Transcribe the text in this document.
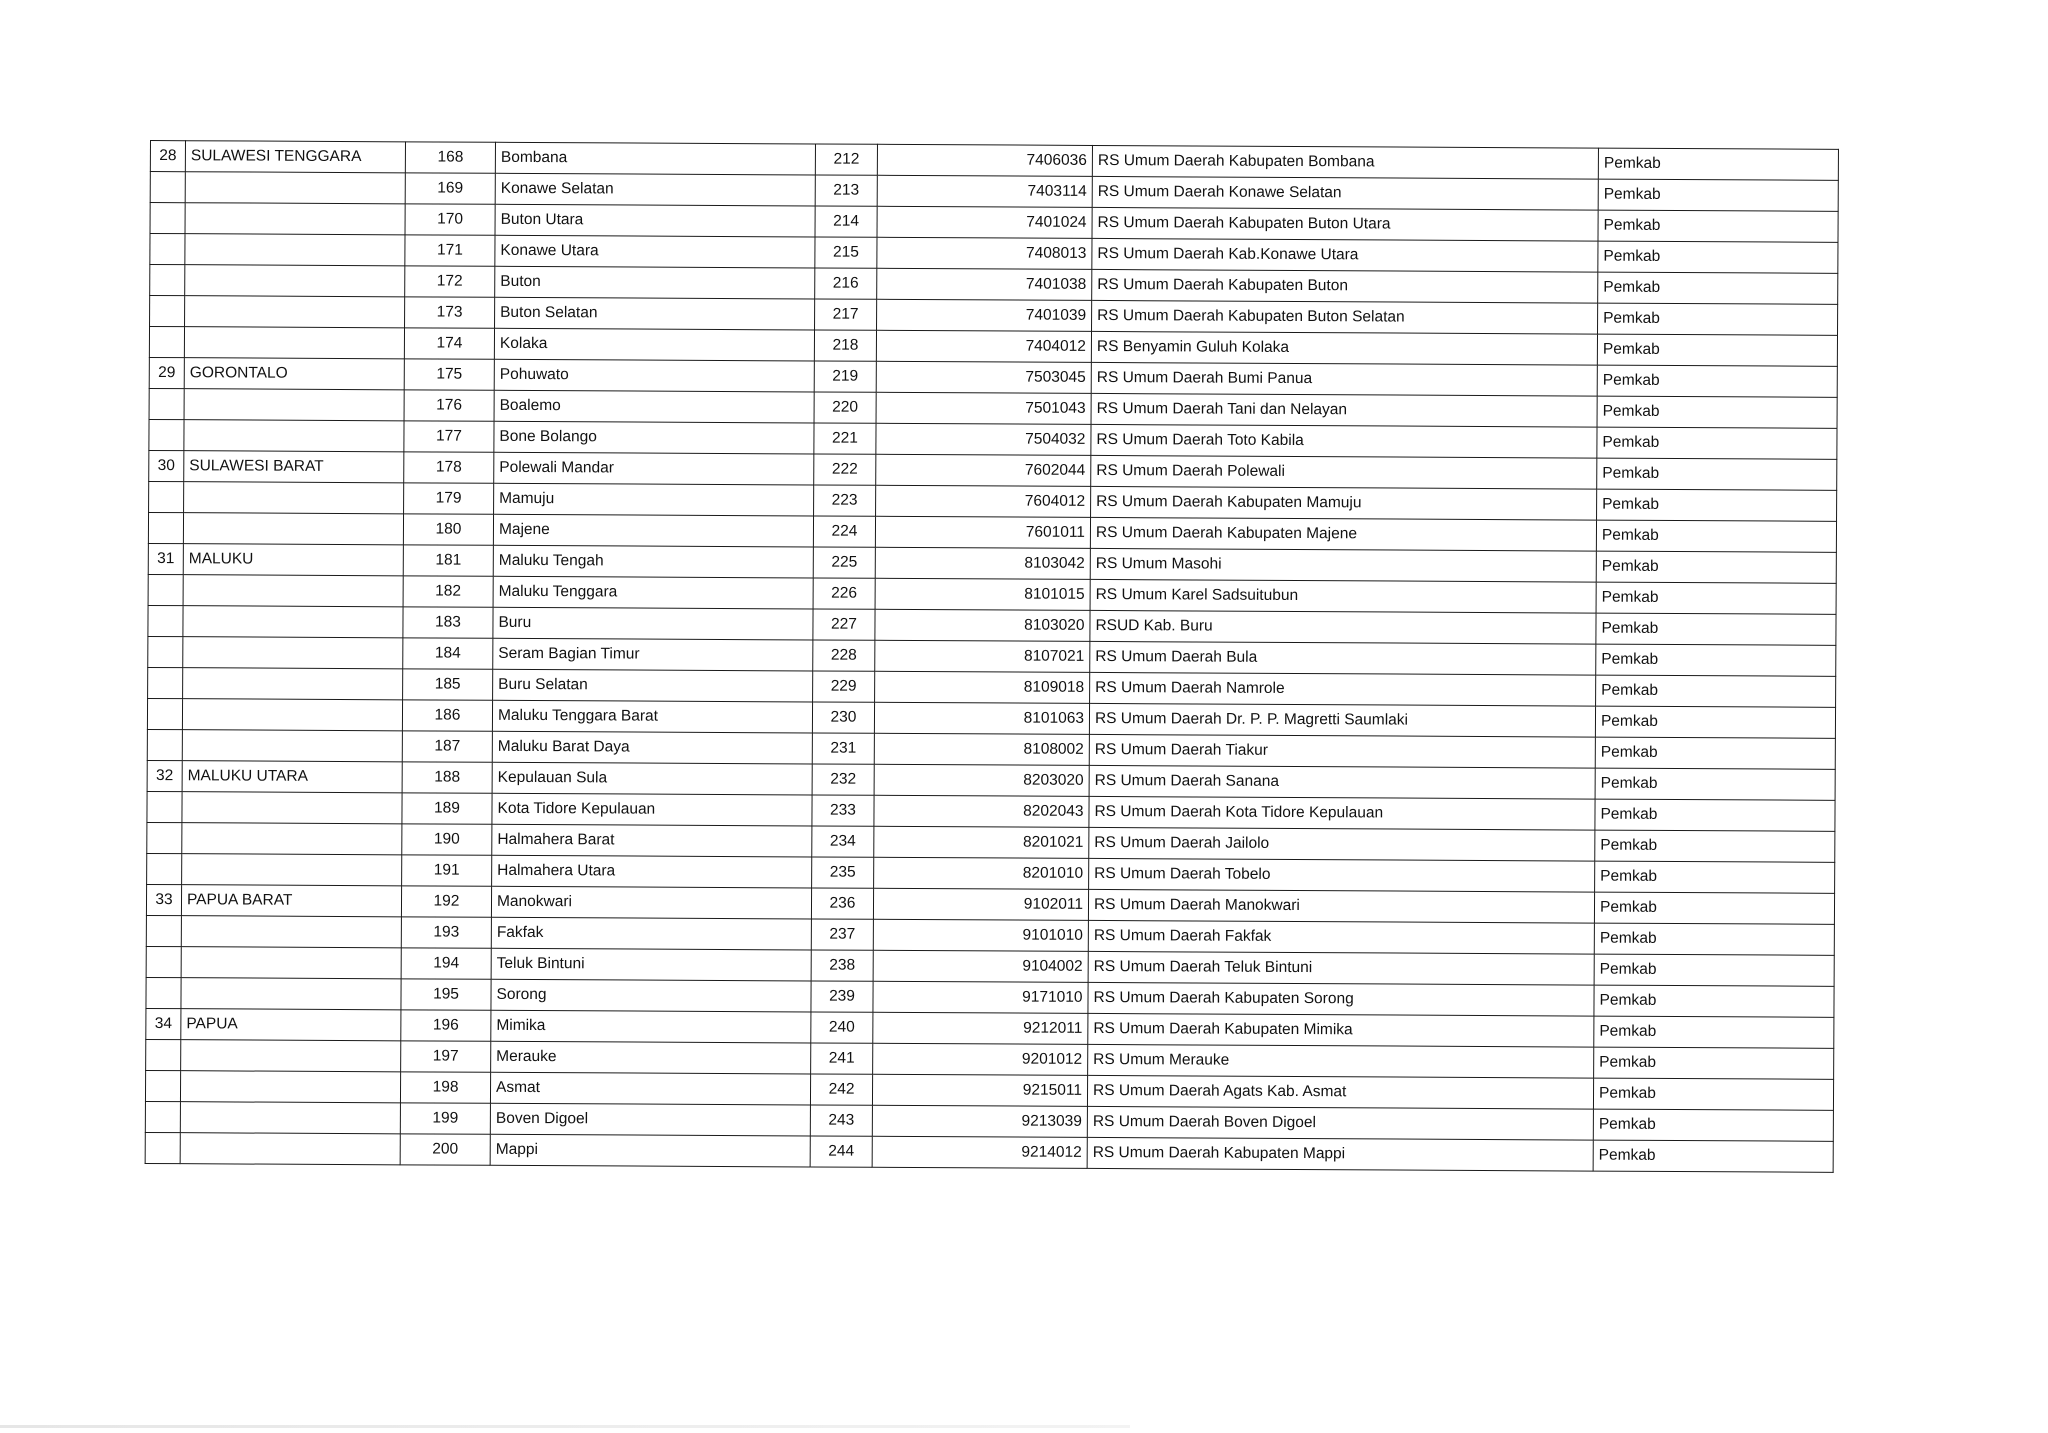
28	SULAWESI TENGGARA	168	Bombana	212	7406036	RS Umum Daerah Kabupaten Bombana	Pemkab
		169	Konawe Selatan	213	7403114	RS Umum Daerah Konawe Selatan	Pemkab
		170	Buton Utara	214	7401024	RS Umum Daerah Kabupaten Buton Utara	Pemkab
		171	Konawe Utara	215	7408013	RS Umum Daerah Kab.Konawe Utara	Pemkab
		172	Buton	216	7401038	RS Umum Daerah Kabupaten Buton	Pemkab
		173	Buton Selatan	217	7401039	RS Umum Daerah Kabupaten Buton Selatan	Pemkab
		174	Kolaka	218	7404012	RS Benyamin Guluh Kolaka	Pemkab
29	GORONTALO	175	Pohuwato	219	7503045	RS Umum Daerah Bumi Panua	Pemkab
		176	Boalemo	220	7501043	RS Umum Daerah Tani dan Nelayan	Pemkab
		177	Bone Bolango	221	7504032	RS Umum Daerah Toto Kabila	Pemkab
30	SULAWESI BARAT	178	Polewali Mandar	222	7602044	RS Umum Daerah Polewali	Pemkab
		179	Mamuju	223	7604012	RS Umum Daerah Kabupaten Mamuju	Pemkab
		180	Majene	224	7601011	RS Umum Daerah Kabupaten Majene	Pemkab
31	MALUKU	181	Maluku Tengah	225	8103042	RS Umum Masohi	Pemkab
		182	Maluku Tenggara	226	8101015	RS Umum Karel Sadsuitubun	Pemkab
		183	Buru	227	8103020	RSUD Kab. Buru	Pemkab
		184	Seram Bagian Timur	228	8107021	RS Umum Daerah Bula	Pemkab
		185	Buru Selatan	229	8109018	RS Umum Daerah Namrole	Pemkab
		186	Maluku Tenggara Barat	230	8101063	RS Umum Daerah Dr. P. P. Magretti Saumlaki	Pemkab
		187	Maluku Barat Daya	231	8108002	RS Umum Daerah Tiakur	Pemkab
32	MALUKU UTARA	188	Kepulauan Sula	232	8203020	RS Umum Daerah Sanana	Pemkab
		189	Kota Tidore Kepulauan	233	8202043	RS Umum Daerah Kota Tidore Kepulauan	Pemkab
		190	Halmahera Barat	234	8201021	RS Umum Daerah Jailolo	Pemkab
		191	Halmahera Utara	235	8201010	RS Umum Daerah Tobelo	Pemkab
33	PAPUA BARAT	192	Manokwari	236	9102011	RS Umum Daerah Manokwari	Pemkab
		193	Fakfak	237	9101010	RS Umum Daerah Fakfak	Pemkab
		194	Teluk Bintuni	238	9104002	RS Umum Daerah Teluk Bintuni	Pemkab
		195	Sorong	239	9171010	RS Umum Daerah Kabupaten Sorong	Pemkab
34	PAPUA	196	Mimika	240	9212011	RS Umum Daerah Kabupaten Mimika	Pemkab
		197	Merauke	241	9201012	RS Umum Merauke	Pemkab
		198	Asmat	242	9215011	RS Umum Daerah Agats Kab. Asmat	Pemkab
		199	Boven Digoel	243	9213039	RS Umum Daerah Boven Digoel	Pemkab
		200	Mappi	244	9214012	RS Umum Daerah Kabupaten Mappi	Pemkab
